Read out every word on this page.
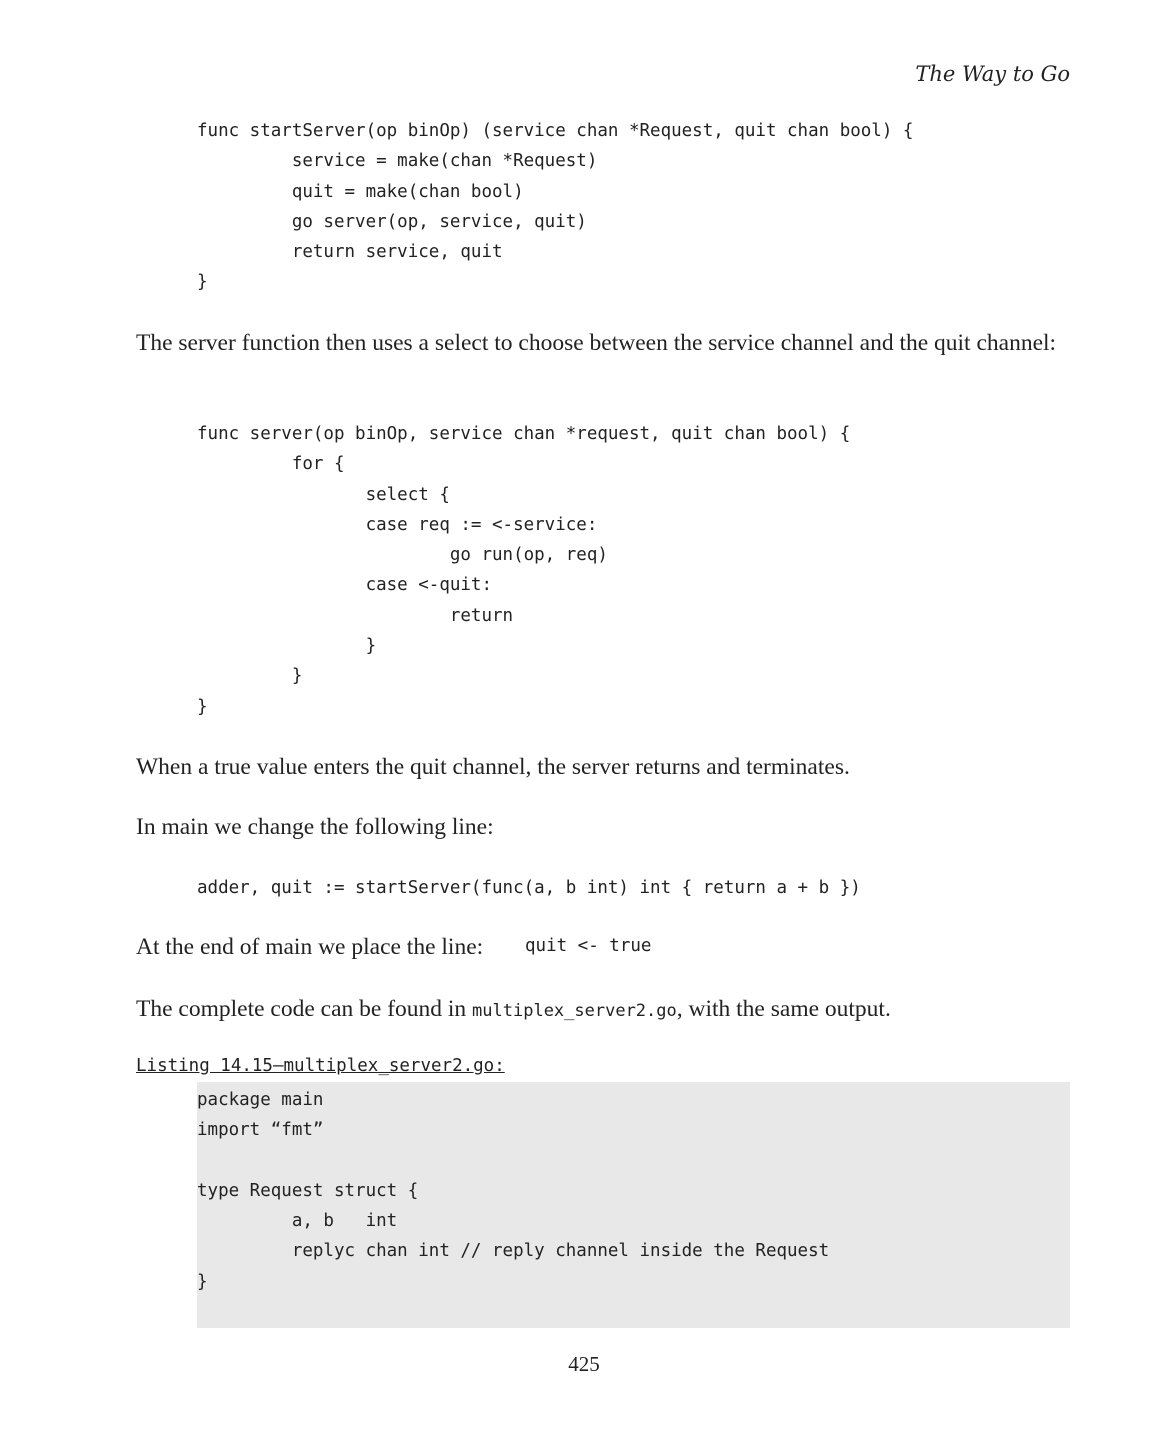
The Way to Go
func startServer(op binOp) (service chan *Request, quit chan bool) {
service = make(chan *Request)
quit = make(chan bool)
go server(op, service, quit)
return service, quit
}

The server function then uses a select to choose between the service channel and the quit channel:

func server(op binOp, service chan *request, quit chan bool) {
for {
select {
case req := <-service:
go run(op, req)
case <-quit:
return
}
}
}

When a true value enters the quit channel, the server returns and terminates.

In main we change the following line:

adder, quit := startServer(func(a, b int) int { return a + b })

At the end of main we place the line: quit <- true

The complete code can be found in multiplex_server2.go, with the same output.

Listing 14.15—multiplex_server2.go:
package main
import “fmt”

type Request struct {
a, b   int
replyc chan int // reply channel inside the Request
}
425
